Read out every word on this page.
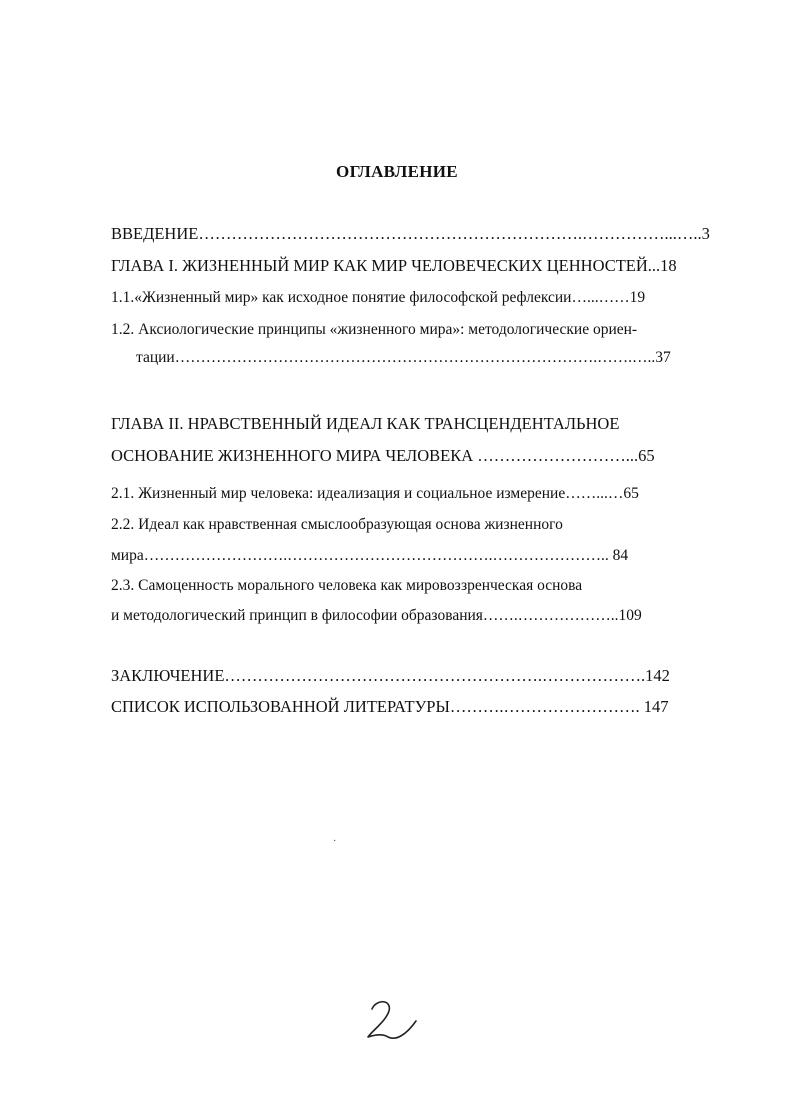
ОГЛАВЛЕНИЕ
ВВЕДЕНИЕ…………………………………………………………….……………...…..3
ГЛАВА I. ЖИЗНЕННЫЙ МИР КАК МИР ЧЕЛОВЕЧЕСКИХ ЦЕННОСТЕЙ...18
1.1.«Жизненный мир» как исходное понятие философской рефлексии…...……19
1.2. Аксиологические принципы «жизненного мира»: методологические ориен-
тации……………………………………………………………………….…….…..37
ГЛАВА II. НРАВСТВЕННЫЙ ИДЕАЛ КАК ТРАНСЦЕНДЕНТАЛЬНОЕ
ОСНОВАНИЕ ЖИЗНЕННОГО МИРА ЧЕЛОВЕКА ………………………...65
2.1. Жизненный мир человека: идеализация и социальное измерение……...…65
2.2. Идеал как нравственная смыслообразующая основа жизненного
мира……………………….………………………………….………………….. 84
2.3. Самоценность морального человека как мировоззренческая основа
и методологический принцип в философии образования…….………………..109
ЗАКЛЮЧЕНИЕ………………………………………………….……………….142
СПИСОК ИСПОЛЬЗОВАННОЙ ЛИТЕРАТУРЫ……….……………………. 147
·
